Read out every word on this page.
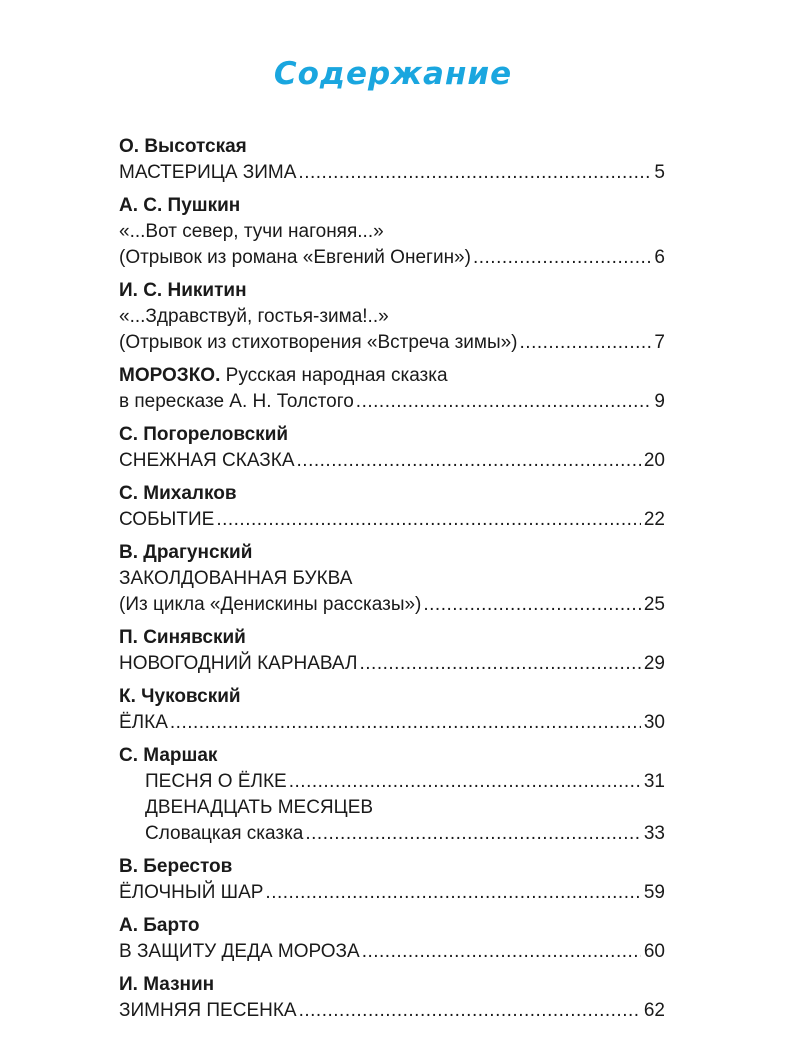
Содержание
О. Высотская
МАСТЕРИЦА ЗИМА .....	5
А. С. Пушкин
«...Вот север, тучи нагоняя...»
(Отрывок из романа «Евгений Онегин») .....	6
И. С. Никитин
«...Здравствуй, гостья-зима!..»
(Отрывок из стихотворения «Встреча зимы») .....	7
МОРОЗКО. Русская народная сказка
в пересказе А. Н. Толстого .....	9
С. Погореловский
СНЕЖНАЯ СКАЗКА .....	20
С. Михалков
СОБЫТИЕ .....	22
В. Драгунский
ЗАКОЛДОВАННАЯ БУКВА
(Из цикла «Денискины рассказы») .....	25
П. Синявский
НОВОГОДНИЙ КАРНАВАЛ .....	29
К. Чуковский
ЁЛКА .....	30
С. Маршак
ПЕСНЯ О ЁЛКЕ .....	31
ДВЕНАДЦАТЬ МЕСЯЦЕВ
Словацкая сказка .....	33
В. Берестов
ЁЛОЧНЫЙ ШАР .....	59
А. Барто
В ЗАЩИТУ ДЕДА МОРОЗА .....	60
И. Мазнин
ЗИМНЯЯ ПЕСЕНКА .....	62
